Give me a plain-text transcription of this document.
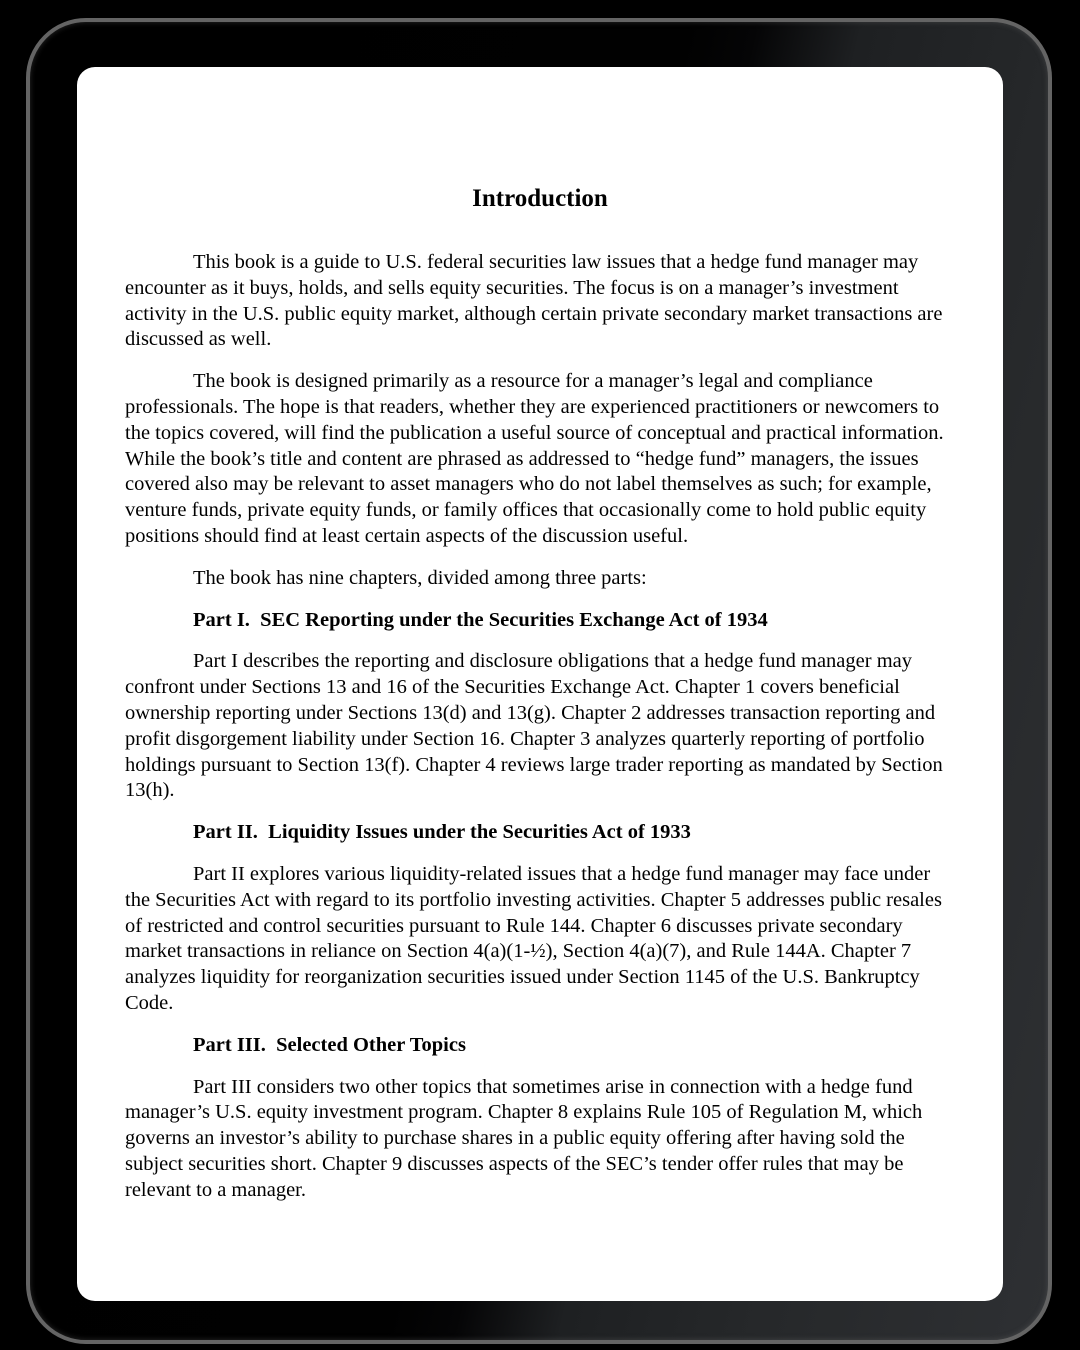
Introduction

This book is a guide to U.S. federal securities law issues that a hedge fund manager may encounter as it buys, holds, and sells equity securities. The focus is on a manager’s investment activity in the U.S. public equity market, although certain private secondary market transactions are discussed as well.

The book is designed primarily as a resource for a manager’s legal and compliance professionals. The hope is that readers, whether they are experienced practitioners or newcomers to the topics covered, will find the publication a useful source of conceptual and practical information. While the book’s title and content are phrased as addressed to “hedge fund” managers, the issues covered also may be relevant to asset managers who do not label themselves as such; for example, venture funds, private equity funds, or family offices that occasionally come to hold public equity positions should find at least certain aspects of the discussion useful.

The book has nine chapters, divided among three parts:

Part I.  SEC Reporting under the Securities Exchange Act of 1934

Part I describes the reporting and disclosure obligations that a hedge fund manager may confront under Sections 13 and 16 of the Securities Exchange Act. Chapter 1 covers beneficial ownership reporting under Sections 13(d) and 13(g). Chapter 2 addresses transaction reporting and profit disgorgement liability under Section 16. Chapter 3 analyzes quarterly reporting of portfolio holdings pursuant to Section 13(f). Chapter 4 reviews large trader reporting as mandated by Section 13(h).

Part II.  Liquidity Issues under the Securities Act of 1933

Part II explores various liquidity-related issues that a hedge fund manager may face under the Securities Act with regard to its portfolio investing activities. Chapter 5 addresses public resales of restricted and control securities pursuant to Rule 144. Chapter 6 discusses private secondary market transactions in reliance on Section 4(a)(1-½), Section 4(a)(7), and Rule 144A. Chapter 7 analyzes liquidity for reorganization securities issued under Section 1145 of the U.S. Bankruptcy Code.

Part III.  Selected Other Topics

Part III considers two other topics that sometimes arise in connection with a hedge fund manager’s U.S. equity investment program. Chapter 8 explains Rule 105 of Regulation M, which governs an investor’s ability to purchase shares in a public equity offering after having sold the subject securities short. Chapter 9 discusses aspects of the SEC’s tender offer rules that may be relevant to a manager.
